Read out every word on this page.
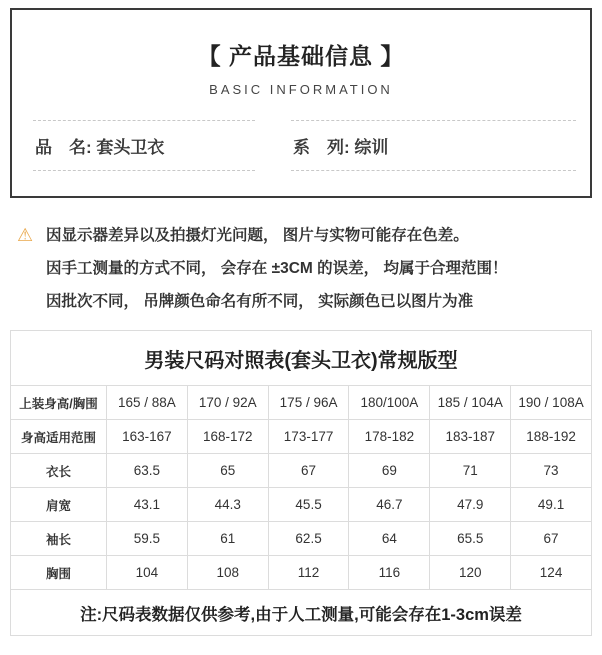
【 产品基础信息 】
BASIC INFORMATION
品　名: 套头卫衣	系　列: 综训
⚠ 因显示器差异以及拍摄灯光问题， 图片与实物可能存在色差。

因手工测量的方式不同， 会存在 ±3CM 的误差， 均属于合理范围！

因批次不同， 吊牌颜色命名有所不同， 实际颜色已以图片为准

男装尺码对照表(套头卫衣)常规版型						
上装身高/胸围	165 / 88A	170 / 92A	175 / 96A	180/100A	185 / 104A	190 / 108A
身高适用范围	163-167	168-172	173-177	178-182	183-187	188-192
衣长	63.5	65	67	69	71	73
肩宽	43.1	44.3	45.5	46.7	47.9	49.1
袖长	59.5	61	62.5	64	65.5	67
胸围	104	108	112	116	120	124
注:尺码表数据仅供参考,由于人工测量,可能会存在1-3cm误差						
